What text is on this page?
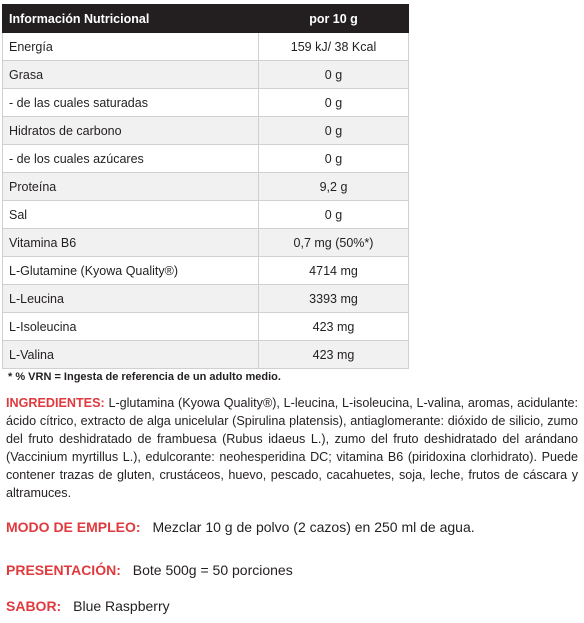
Información Nutricional	por 10 g
Energía	159 kJ/ 38 Kcal
Grasa	0 g
- de las cuales saturadas	0 g
Hidratos de carbono	0 g
- de los cuales azúcares	0 g
Proteína	9,2 g
Sal	0 g
Vitamina B6	0,7 mg (50%*)
L-Glutamine (Kyowa Quality®)	4714 mg
L-Leucina	3393 mg
L-Isoleucina	423 mg
L-Valina	423 mg
* % VRN = Ingesta de referencia de un adulto medio.
INGREDIENTES: L-glutamina (Kyowa Quality®), L-leucina, L-isoleucina, L-valina, aromas, acidulante: ácido cítrico, extracto de alga unicelular (Spirulina platensis), antiaglomerante: dióxido de silicio, zumo del fruto deshidratado de frambuesa (Rubus idaeus L.), zumo del fruto deshidratado del arándano (Vaccinium myrtillus L.), edulcorante: neohesperidina DC; vitamina B6 (piridoxina clorhidrato). Puede contener trazas de gluten, crustáceos, huevo, pescado, cacahuetes, soja, leche, frutos de cáscara y altramuces.
MODO DE EMPLEO: Mezclar 10 g de polvo (2 cazos) en 250 ml de agua.
PRESENTACIÓN: Bote 500g = 50 porciones
SABOR: Blue Raspberry
